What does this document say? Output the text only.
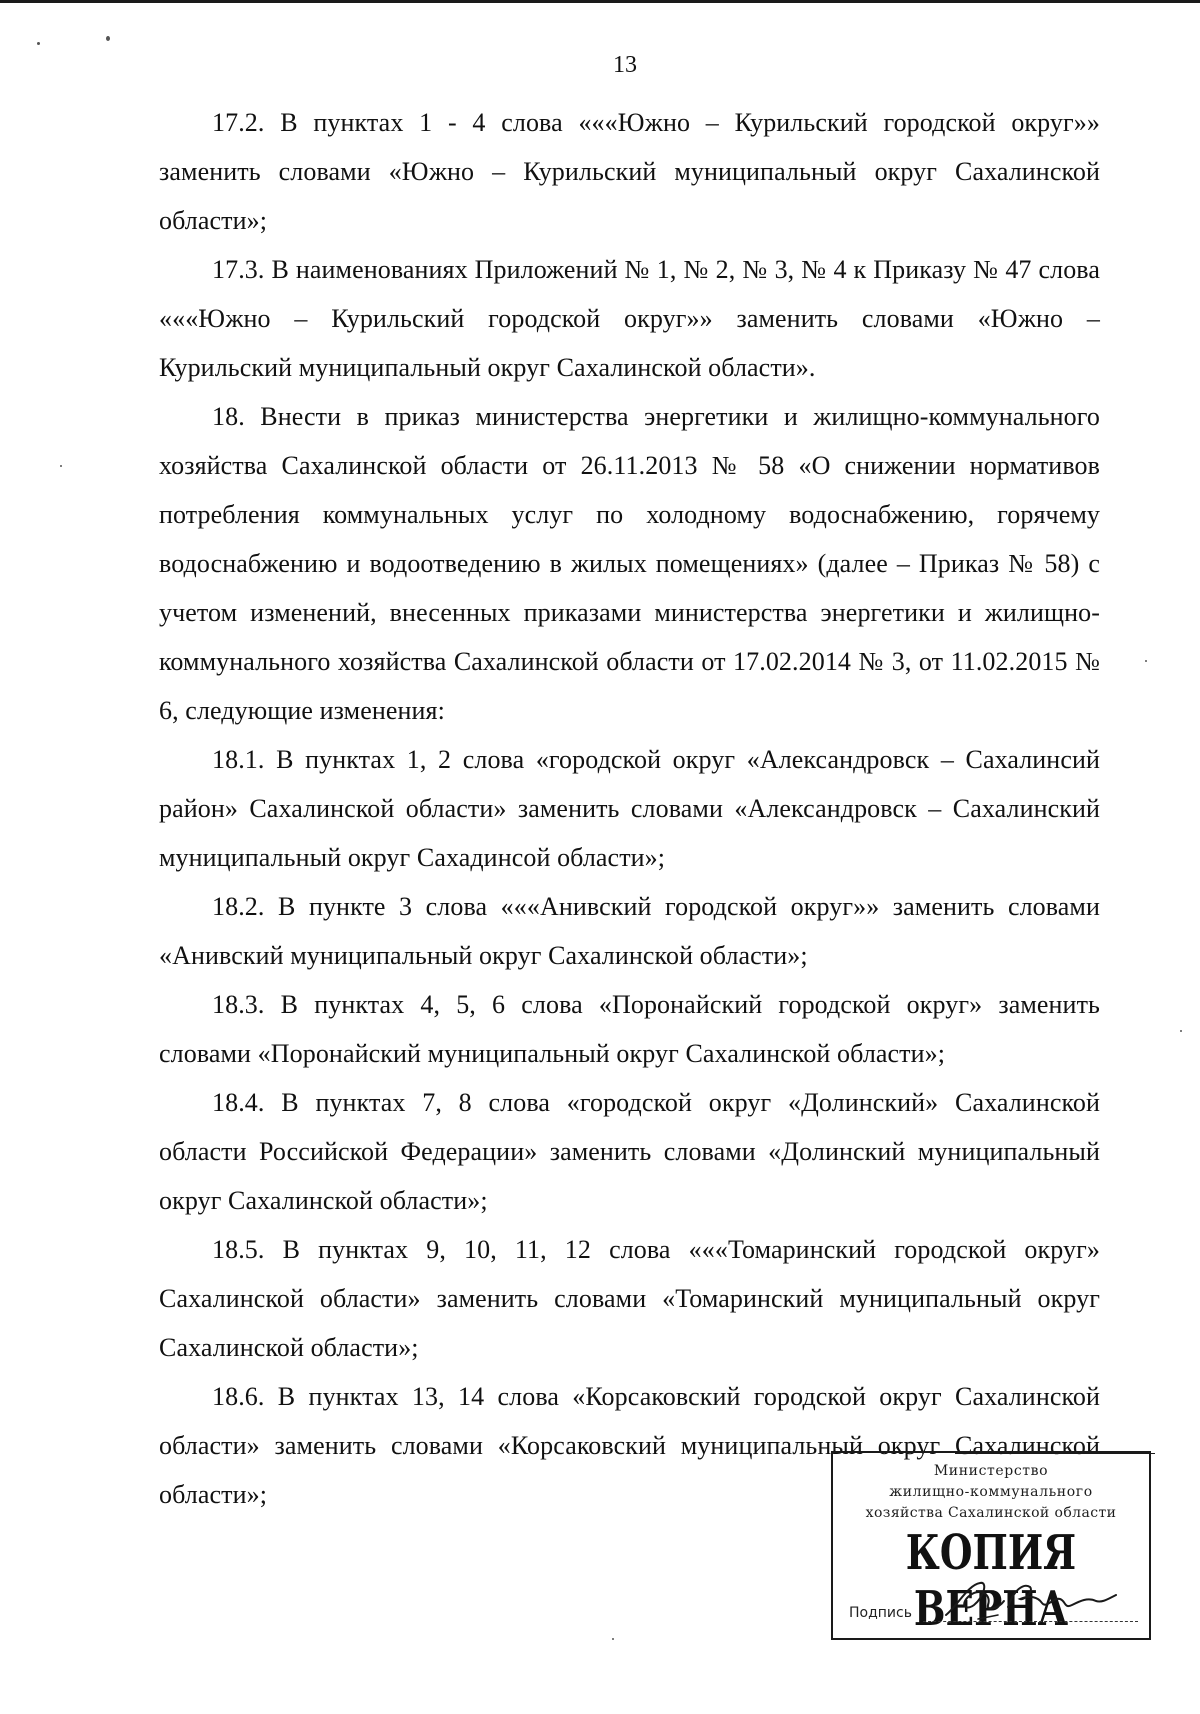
13

17.2. В пунктах 1 - 4 слова «««Южно – Курильский городской округ»» заменить словами «Южно – Курильский муниципальный округ Сахалинской области»;

17.3. В наименованиях Приложений № 1, № 2, № 3, № 4 к Приказу № 47 слова «««Южно – Курильский городской округ»» заменить словами «Южно – Курильский муниципальный округ Сахалинской области».

18. Внести в приказ министерства энергетики и жилищно-коммунального хозяйства Сахалинской области от 26.11.2013 № 58 «О снижении нормативов потребления коммунальных услуг по холодному водоснабжению, горячему водоснабжению и водоотведению в жилых помещениях» (далее – Приказ № 58) с учетом изменений, внесенных приказами министерства энергетики и жилищно-коммунального хозяйства Сахалинской области от 17.02.2014 № 3, от 11.02.2015 № 6, следующие изменения:

18.1. В пунктах 1, 2 слова «городской округ «Александровск – Сахалинсий район» Сахалинской области» заменить словами «Александровск – Сахалинский муниципальный округ Сахадинсой области»;

18.2. В пункте 3 слова «««Анивский городской округ»» заменить словами «Анивский муниципальный округ Сахалинской области»;

18.3. В пунктах 4, 5, 6 слова «Поронайский городской округ» заменить словами «Поронайский муниципальный округ Сахалинской области»;

18.4. В пунктах 7, 8 слова «городской округ «Долинский» Сахалинской области Российской Федерации» заменить словами «Долинский муниципальный округ Сахалинской области»;

18.5. В пунктах 9, 10, 11, 12 слова «««Томаринский городской округ» Сахалинской области» заменить словами «Томаринский муниципальный округ Сахалинской области»;

18.6. В пунктах 13, 14 слова «Корсаковский городской округ Сахалинской области» заменить словами «Корсаковский муниципальный округ Сахалинской области»;

Министерство
жилищно-коммунального
хозяйства Сахалинской области
КОПИЯ ВЕРНА
Подпись
